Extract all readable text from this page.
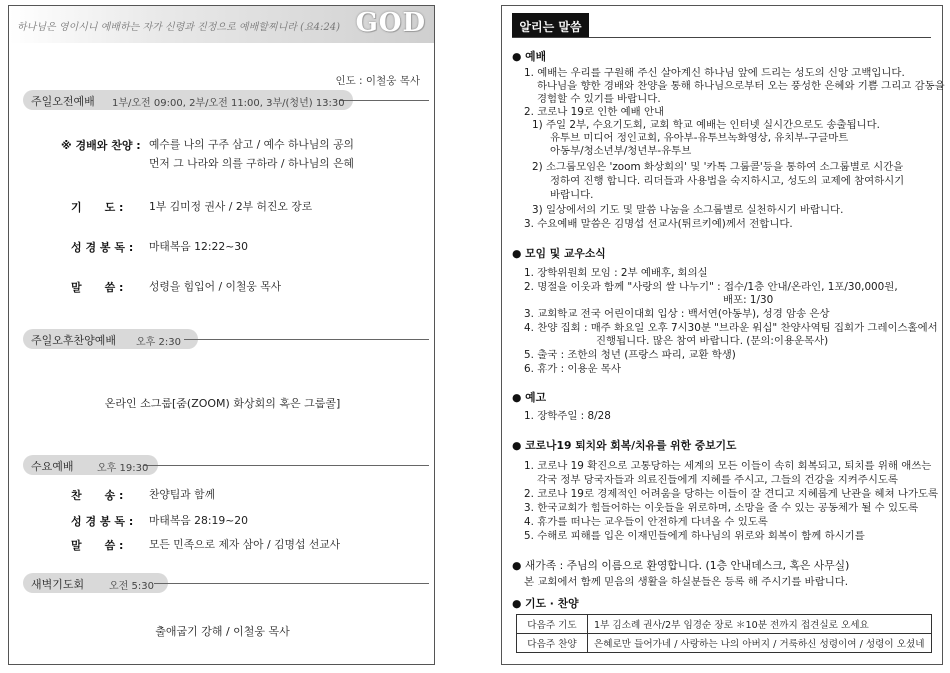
하나님은 영이시니 예배하는 자가 신령과 진정으로 예배할찌니라 (요4:24) GOD
인도 : 이철웅 목사
주일오전예배 1부/오전 09:00, 2부/오전 11:00, 3부/(청년) 13:30
※ 경배와 찬양 : 예수를 나의 구주 삼고 / 예수 하나님의 공의
먼저 그 나라와 의를 구하라 / 하나님의 은혜
기      도 : 1부 김미정 권사 / 2부 허진오 장로
성 경 봉 독 : 마태복음 12:22~30
말      씀 : 성령을 힘입어 / 이철웅 목사
주일오후찬양예배 오후 2:30
온라인 소그룹[줌(ZOOM) 화상회의 혹은 그룹콜]
수요예배 오후 19:30
찬      송 : 찬양팀과 함께
성 경 봉 독 : 마태복음 28:19~20
말      씀 : 모든 민족으로 제자 삼아 / 김명섭 선교사
새벽기도회 오전 5:30
출애굽기 강해 / 이철웅 목사
알리는 말씀
● 예배
1. 예배는 우리를 구원해 주신 살아계신 하나님 앞에 드리는 성도의 신앙 고백입니다.
하나님을 향한 경배와 찬양을 통해 하나님으로부터 오는 풍성한 은혜와 기쁨 그리고 감동을
경험할 수 있기를 바랍니다.
2. 코로나 19로 인한 예배 안내
1) 주일 2부, 수요기도회, 교회 학교 예배는 인터넷 실시간으로도 송출됩니다.
유투브 미디어 정인교회, 유아부-유투브녹화영상, 유치부-구글마트
아동부/청소년부/청년부-유투브
2) 소그룹모임은 'zoom 화상회의' 및 '카톡 그룹콜'등을 통하여 소그룹별로 시간을
정하여 진행 합니다. 리더들과 사용법을 숙지하시고, 성도의 교제에 참여하시기
바랍니다.
3) 일상에서의 기도 및 말씀 나눔을 소그룹별로 실천하시기 바랍니다.
3. 수요예배 말씀은 김명섭 선교사(튀르키예)께서 전합니다.
● 모임 및 교우소식
1. 장학위원회 모임 : 2부 예배후, 회의실
2. 명절을 이웃과 함께 "사랑의 쌀 나누기" : 접수/1층 안내/온라인, 1포/30,000원,
배포: 1/30
3. 교회학교 전국 어린이대회 입상 : 백서연(아동부), 성경 암송 은상
4. 찬양 집회 : 매주 화요일 오후 7시30분 "브라운 워십" 찬양사역팀 집회가 그레이스홀에서
진행됩니다. 많은 참여 바랍니다. (문의:이용운목사)
5. 출국 : 조한의 청년 (프랑스 파리, 교환 학생)
6. 휴가 : 이용운 목사
● 예고
1. 장학주일 : 8/28
● 코로나19 퇴치와 회복/치유를 위한 중보기도
1. 코로나 19 확진으로 고통당하는 세계의 모든 이들이 속히 회복되고, 퇴치를 위해 애쓰는
각국 정부 당국자들과 의료진들에게 지혜를 주시고, 그들의 건강을 지켜주시도록
2. 코로나 19로 경제적인 어려움을 당하는 이들이 잘 견디고 지혜롭게 난관을 헤쳐 나가도록
3. 한국교회가 힘들어하는 이웃들을 위로하며, 소망을 줄 수 있는 공동체가 될 수 있도록
4. 휴가를 떠나는 교우들이 안전하게 다녀올 수 있도록
5. 수해로 피해를 입은 이재민들에게 하나님의 위로와 회복이 함께 하시기를
● 새가족 : 주님의 이름으로 환영합니다. (1층 안내데스크, 혹은 사무실)
본 교회에서 함께 믿음의 생활을 하실분들은 등록 해 주시기를 바랍니다.
● 기도 · 찬양
다음주 기도	1부 김소례 권사/2부 임경순 장로 ＊10분 전까지 접견실로 오세요
다음주 찬양	은혜로만 들어가네 / 사랑하는 나의 아버지 / 거룩하신 성령이여 / 성령이 오셨네
